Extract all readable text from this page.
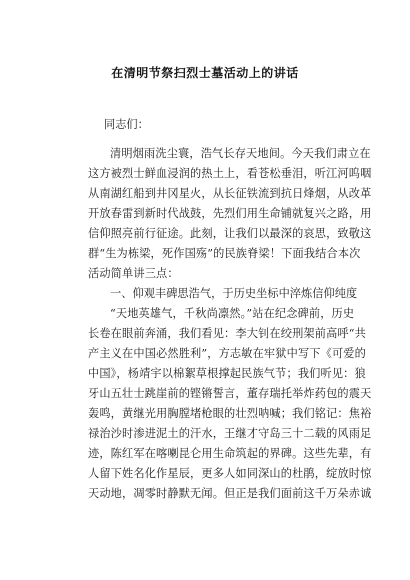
在清明节祭扫烈士墓活动上的讲话
同志们：
清明烟雨洗尘寰，浩气长存天地间。今天我们肃立在
这方被烈士鲜血浸润的热土上，看苍松垂泪，听江河呜咽
从南湖红船到井冈星火，从长征铁流到抗日烽烟，从改革
开放春雷到新时代战鼓，先烈们用生命铺就复兴之路，用
信仰照亮前行征途。此刻，让我们以最深的哀思，致敬这
群“生为栋梁，死作国殇”的民族脊梁！下面我结合本次
活动简单讲三点：
一、仰观丰碑思浩气，于历史坐标中淬炼信仰纯度
“天地英雄气，千秋尚凛然。”站在纪念碑前，历史
长卷在眼前奔涌，我们看见：李大钊在绞刑架前高呼“共
产主义在中国必然胜利”，方志敏在牢狱中写下《可爱的
中国》，杨靖宇以棉絮草根撑起民族气节；我们听见：狼
牙山五壮士跳崖前的铿锵誓言，董存瑞托举炸药包的震天
轰鸣，黄继光用胸膛堵枪眼的壮烈呐喊；我们铭记：焦裕
禄治沙时渗进泥土的汗水，王继才守岛三十二载的风雨足
迹，陈红军在喀喇昆仑用生命筑起的界碑。这些先辈，有
人留下姓名化作星辰，更多人如同深山的杜鹃，绽放时惊
天动地，凋零时静默无闻。但正是我们面前这千万朵赤诚
